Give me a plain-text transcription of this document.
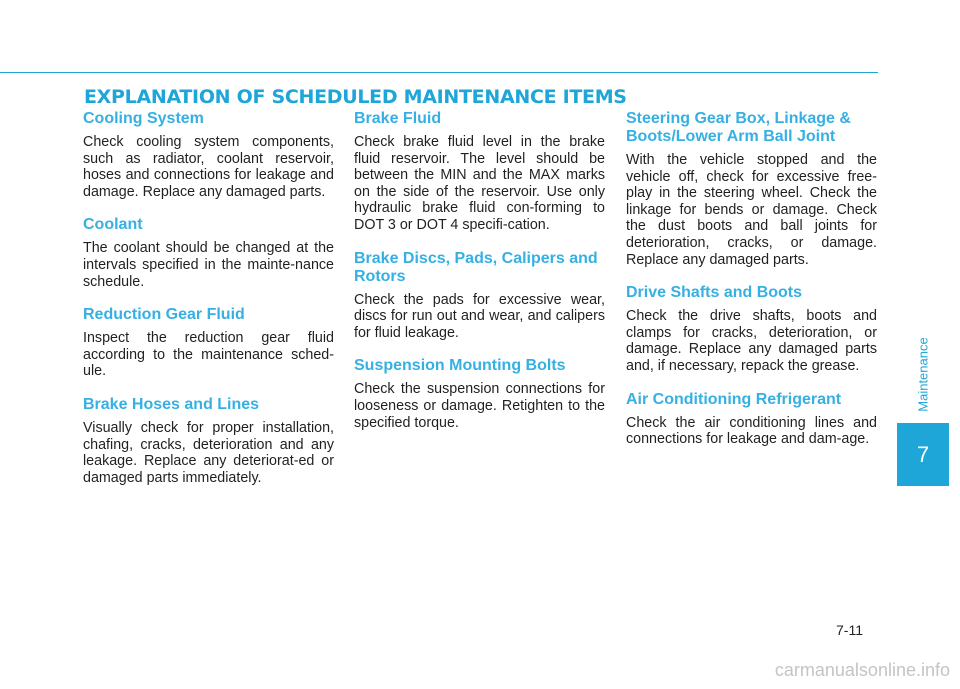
EXPLANATION OF SCHEDULED MAINTENANCE ITEMS
Cooling System

Check cooling system components, such as radiator, coolant reservoir, hoses and connections for leakage and damage. Replace any damaged parts.

Coolant

The coolant should be changed at the intervals specified in the mainte-nance schedule.

Reduction Gear Fluid

Inspect the reduction gear fluid according to the maintenance sched-ule.

Brake Hoses and Lines

Visually check for proper installation, chafing, cracks, deterioration and any leakage. Replace any deteriorat-ed or damaged parts immediately.

Brake Fluid

Check brake fluid level in the brake fluid reservoir. The level should be between the MIN and the MAX marks on the side of the reservoir. Use only hydraulic brake fluid con-forming to DOT 3 or DOT 4 specifi-cation.

Brake Discs, Pads, Calipers and Rotors

Check the pads for excessive wear, discs for run out and wear, and calipers for fluid leakage.

Suspension Mounting Bolts

Check the suspension connections for looseness or damage. Retighten to the specified torque.

Steering Gear Box, Linkage & Boots/Lower Arm Ball Joint

With the vehicle stopped and the vehicle off, check for excessive free-play in the steering wheel. Check the linkage for bends or damage. Check the dust boots and ball joints for deterioration, cracks, or damage. Replace any damaged parts.

Drive Shafts and Boots

Check the drive shafts, boots and clamps for cracks, deterioration, or damage. Replace any damaged parts and, if necessary, repack the grease.

Air Conditioning Refrigerant

Check the air conditioning lines and connections for leakage and dam-age.

Maintenance
7
7-11
carmanualsonline.info
